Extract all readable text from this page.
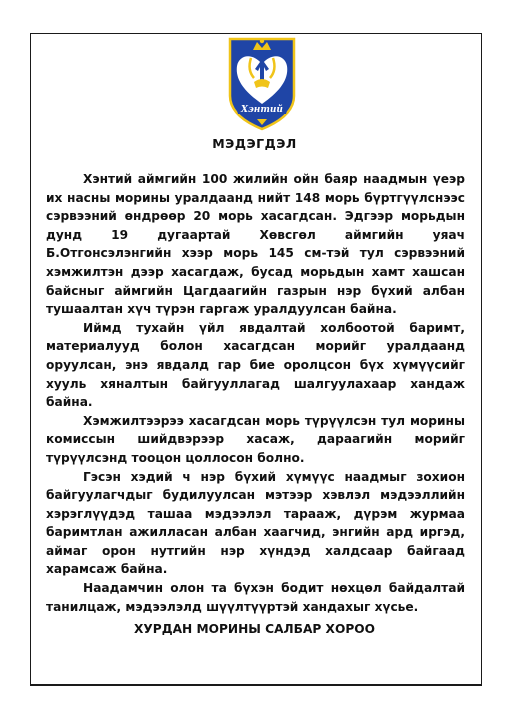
Хэнтий
МЭДЭГДЭЛ

Хэнтий аймгийн 100 жилийн ойн баяр наадмын үеэр их насны морины уралдаанд нийт 148 морь бүртгүүлснээс сэрвээний өндрөөр 20 морь хасагдсан. Эдгээр морьдын дунд 19 дугаартай Хөвсгөл аймгийн уяач Б.Отгонсэлэнгийн хээр морь 145 см-тэй тул сэрвээний хэмжилтэн дээр хасагдаж, бусад морьдын хамт хашсан байсныг аймгийн Цагдаагийн газрын нэр бүхий албан тушаалтан хүч түрэн гаргаж уралдуулсан байна.

Иймд тухайн үйл явдалтай холбоотой баримт, материалууд болон хасагдсан морийг уралдаанд оруулсан, энэ явдалд гар бие оролцсон бүх хүмүүсийг хууль хяналтын байгууллагад шалгуулахаар хандаж байна.

Хэмжилтээрээ хасагдсан морь түрүүлсэн тул морины комиссын шийдвэрээр хасаж, дараагийн морийг түрүүлсэнд тооцон цоллосон болно.

Гэсэн хэдий ч нэр бүхий хүмүүс наадмыг зохион байгуулагчдыг будилуулсан мэтээр хэвлэл мэдээллийн хэрэглүүдэд ташаа мэдээлэл тарааж, дүрэм журмаа баримтлан ажилласан албан хаагчид, энгийн ард иргэд, аймаг орон нутгийн нэр хүндэд халдсаар байгаад харамсаж байна.

Наадамчин олон та бүхэн бодит нөхцөл байдалтай танилцаж, мэдээлэлд шүүлтүүртэй хандахыг хүсье.

ХУРДАН МОРИНЫ САЛБАР ХОРОО
